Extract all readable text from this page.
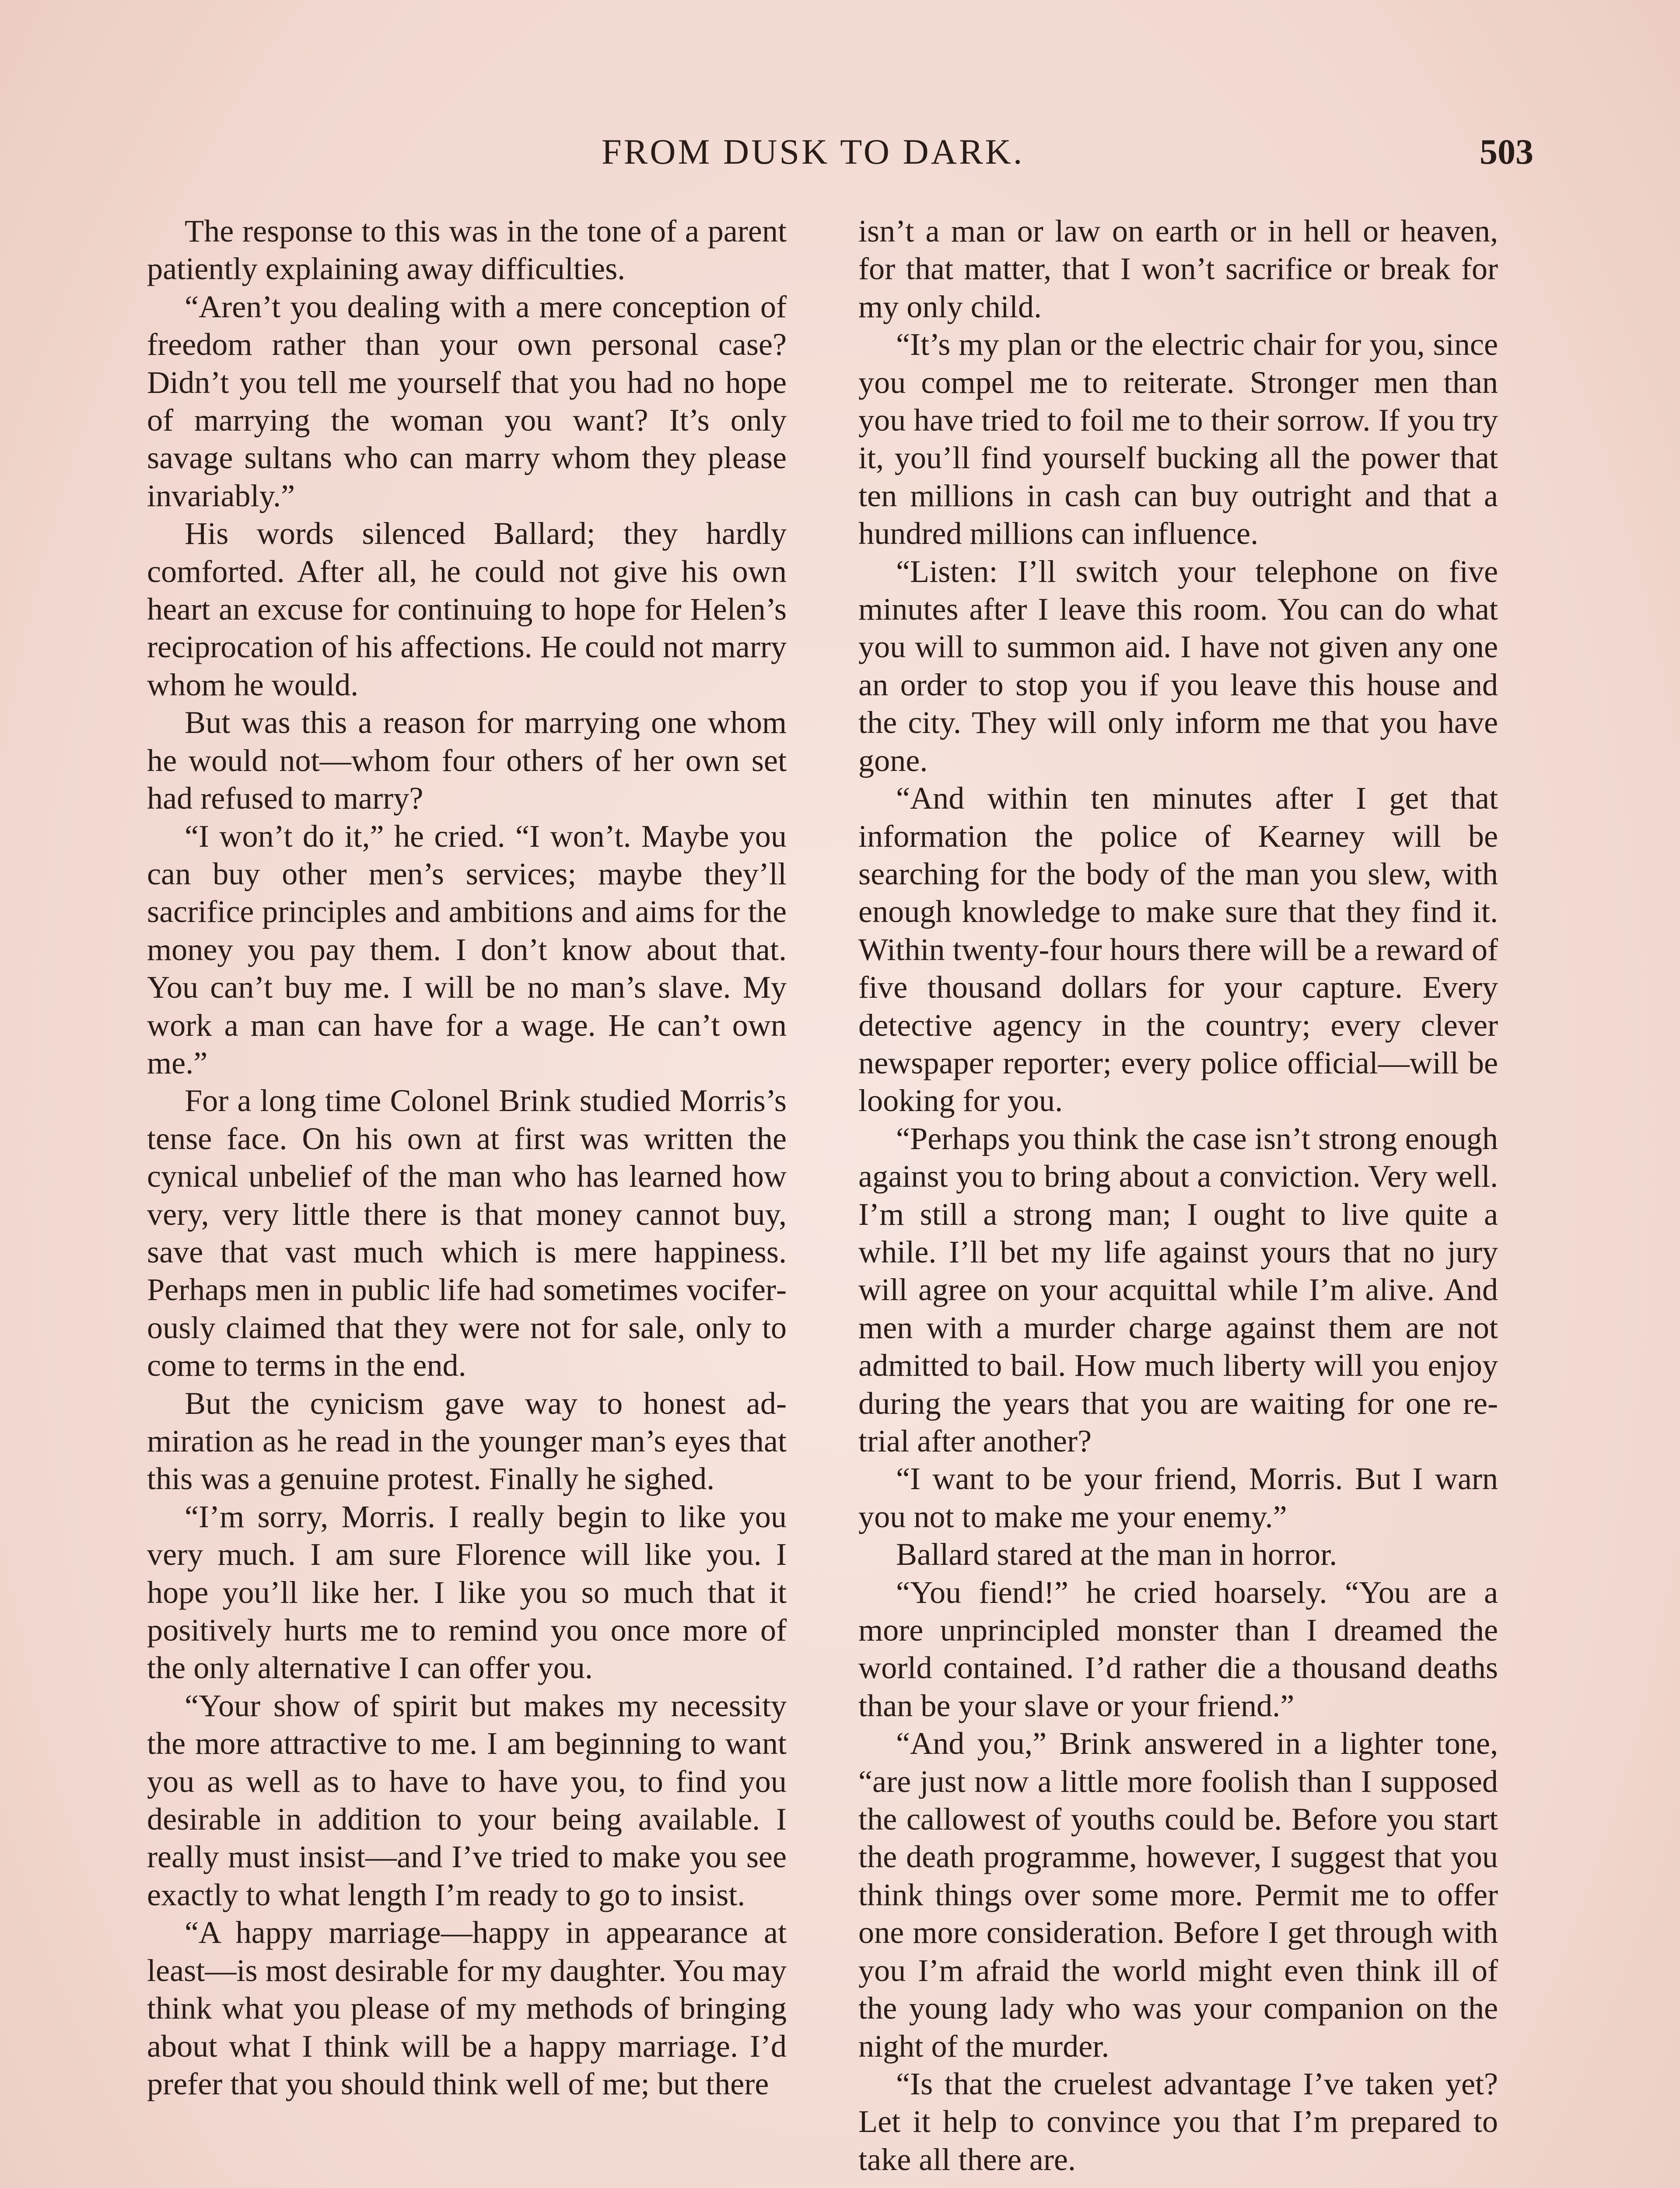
FROM DUSK TO DARK.	503

The response to this was in the tone of a parent patiently explaining away difficulties.

“Aren’t you dealing with a mere conception of freedom rather than your own personal case? Didn’t you tell me yourself that you had no hope of marrying the woman you want? It’s only savage sultans who can marry whom they please invariably.”

His words silenced Ballard; they hardly comforted. After all, he could not give his own heart an excuse for continuing to hope for Helen’s reciprocation of his affections. He could not marry whom he would.

But was this a reason for marrying one whom he would not—whom four others of her own set had refused to marry?

“I won’t do it,” he cried. “I won’t. Maybe you can buy other men’s services; maybe they’ll sacrifice principles and ambitions and aims for the money you pay them. I don’t know about that. You can’t buy me. I will be no man’s slave. My work a man can have for a wage. He can’t own me.”

For a long time Colonel Brink studied Morris’s tense face. On his own at first was written the cynical unbelief of the man who has learned how very, very little there is that money cannot buy, save that vast much which is mere happiness. Perhaps men in public life had sometimes vociferously claimed that they were not for sale, only to come to terms in the end.

But the cynicism gave way to honest admiration as he read in the younger man’s eyes that this was a genuine protest. Finally he sighed.

“I’m sorry, Morris. I really begin to like you very much. I am sure Florence will like you. I hope you’ll like her. I like you so much that it positively hurts me to remind you once more of the only alternative I can offer you.

“Your show of spirit but makes my necessity the more attractive to me. I am beginning to want you as well as to have to have you, to find you desirable in addition to your being available. I really must insist—and I’ve tried to make you see exactly to what length I’m ready to go to insist.

“A happy marriage—happy in appearance at least—is most desirable for my daughter. You may think what you please of my methods of bringing about what I think will be a happy marriage. I’d prefer that you should think well of me; but there

isn’t a man or law on earth or in hell or heaven, for that matter, that I won’t sacrifice or break for my only child.

“It’s my plan or the electric chair for you, since you compel me to reiterate. Stronger men than you have tried to foil me to their sorrow. If you try it, you’ll find yourself bucking all the power that ten millions in cash can buy outright and that a hundred millions can influence.

“Listen: I’ll switch your telephone on five minutes after I leave this room. You can do what you will to summon aid. I have not given any one an order to stop you if you leave this house and the city. They will only inform me that you have gone.

“And within ten minutes after I get that information the police of Kearney will be searching for the body of the man you slew, with enough knowledge to make sure that they find it. Within twenty-four hours there will be a reward of five thousand dollars for your capture. Every detective agency in the country; every clever newspaper reporter; every police official—will be looking for you.

“Perhaps you think the case isn’t strong enough against you to bring about a conviction. Very well. I’m still a strong man; I ought to live quite a while. I’ll bet my life against yours that no jury will agree on your acquittal while I’m alive. And men with a murder charge against them are not admitted to bail. How much liberty will you enjoy during the years that you are waiting for one re-trial after another?

“I want to be your friend, Morris. But I warn you not to make me your enemy.”

Ballard stared at the man in horror.

“You fiend!” he cried hoarsely. “You are a more unprincipled monster than I dreamed the world contained. I’d rather die a thousand deaths than be your slave or your friend.”

“And you,” Brink answered in a lighter tone, “are just now a little more foolish than I supposed the callowest of youths could be. Before you start the death programme, however, I suggest that you think things over some more. Permit me to offer one more consideration. Before I get through with you I’m afraid the world might even think ill of the young lady who was your companion on the night of the murder.

“Is that the cruelest advantage I’ve taken yet? Let it help to convince you that I’m prepared to take all there are.
